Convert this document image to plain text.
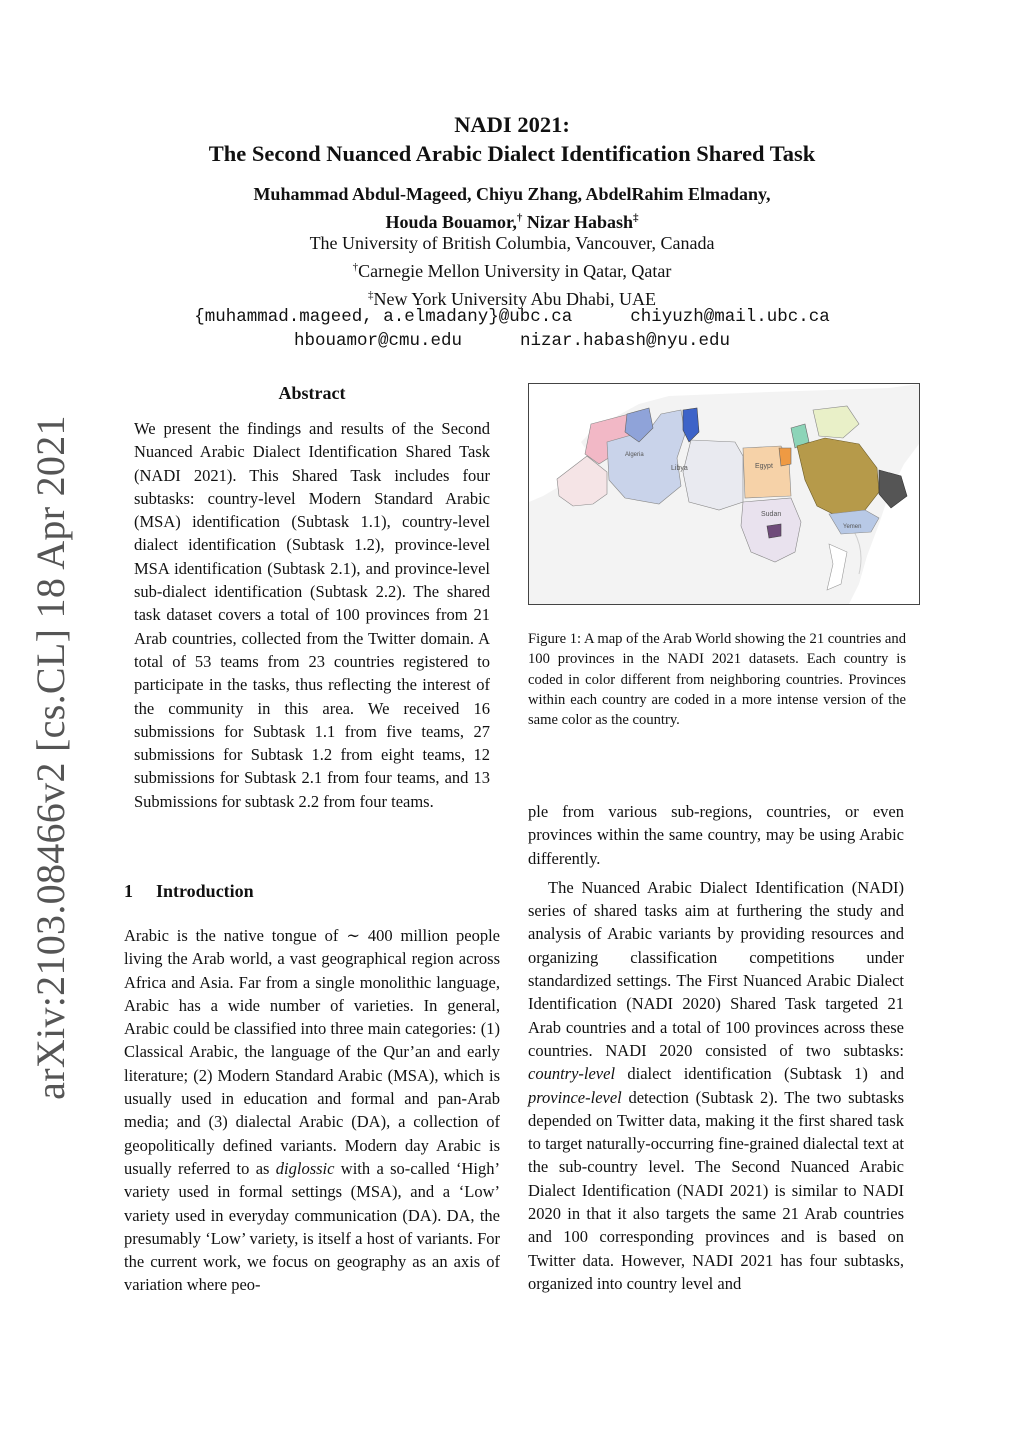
arXiv:2103.08466v2 [cs.CL] 18 Apr 2021
NADI 2021:
The Second Nuanced Arabic Dialect Identification Shared Task
Muhammad Abdul-Mageed, Chiyu Zhang, AbdelRahim Elmadany,
Houda Bouamor,† Nizar Habash‡
The University of British Columbia, Vancouver, Canada
†Carnegie Mellon University in Qatar, Qatar
‡New York University Abu Dhabi, UAE
{muhammad.mageed, a.elmadany}@ubc.ca	chiyuzh@mail.ubc.ca
hbouamor@cmu.edu	nizar.habash@nyu.edu
Abstract

We present the findings and results of the Second Nuanced Arabic Dialect Identification Shared Task (NADI 2021). This Shared Task includes four subtasks: country-level Modern Standard Arabic (MSA) identification (Subtask 1.1), country-level dialect identification (Subtask 1.2), province-level MSA identification (Subtask 2.1), and province-level sub-dialect identification (Subtask 2.2). The shared task dataset covers a total of 100 provinces from 21 Arab countries, collected from the Twitter domain. A total of 53 teams from 23 countries registered to participate in the tasks, thus reflecting the interest of the community in this area. We received 16 submissions for Subtask 1.1 from five teams, 27 submissions for Subtask 1.2 from eight teams, 12 submissions for Subtask 2.1 from four teams, and 13 Submissions for subtask 2.2 from four teams.

1 Introduction

Arabic is the native tongue of ∼ 400 million people living the Arab world, a vast geographical region across Africa and Asia. Far from a single monolithic language, Arabic has a wide number of varieties. In general, Arabic could be classified into three main categories: (1) Classical Arabic, the language of the Qur’an and early literature; (2) Modern Standard Arabic (MSA), which is usually used in education and formal and pan-Arab media; and (3) dialectal Arabic (DA), a collection of geopolitically defined variants. Modern day Arabic is usually referred to as diglossic with a so-called ‘High’ variety used in formal settings (MSA), and a ‘Low’ variety used in everyday communication (DA). DA, the presumably ‘Low’ variety, is itself a host of variants. For the current work, we focus on geography as an axis of variation where peo-

Libya	Egypt
Sudan
Yemen
Algeria

Figure 1: A map of the Arab World showing the 21 countries and 100 provinces in the NADI 2021 datasets. Each country is coded in color different from neighboring countries. Provinces within each country are coded in a more intense version of the same color as the country.

ple from various sub-regions, countries, or even provinces within the same country, may be using Arabic differently.

The Nuanced Arabic Dialect Identification (NADI) series of shared tasks aim at furthering the study and analysis of Arabic variants by providing resources and organizing classification competitions under standardized settings. The First Nuanced Arabic Dialect Identification (NADI 2020) Shared Task targeted 21 Arab countries and a total of 100 provinces across these countries. NADI 2020 consisted of two subtasks: country-level dialect identification (Subtask 1) and province-level detection (Subtask 2). The two subtasks depended on Twitter data, making it the first shared task to target naturally-occurring fine-grained dialectal text at the sub-country level. The Second Nuanced Arabic Dialect Identification (NADI 2021) is similar to NADI 2020 in that it also targets the same 21 Arab countries and 100 corresponding provinces and is based on Twitter data. However, NADI 2021 has four subtasks, organized into country level and
